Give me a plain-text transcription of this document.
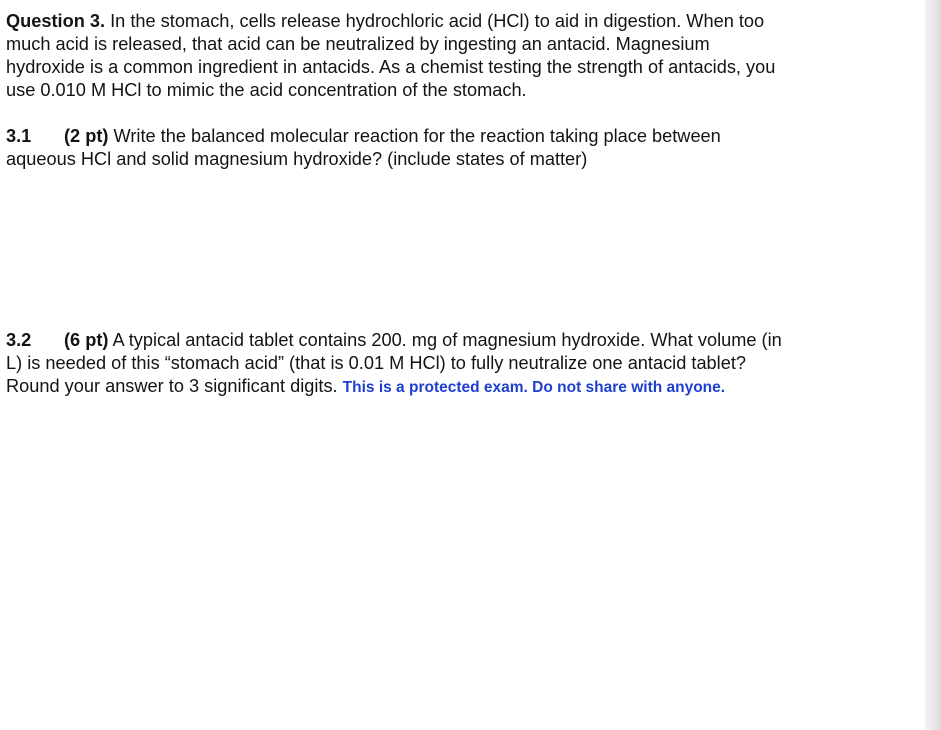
Question 3. In the stomach, cells release hydrochloric acid (HCl) to aid in digestion. When too
much acid is released, that acid can be neutralized by ingesting an antacid. Magnesium
hydroxide is a common ingredient in antacids. As a chemist testing the strength of antacids, you
use 0.010 M HCl to mimic the acid concentration of the stomach.

3.1 (2 pt) Write the balanced molecular reaction for the reaction taking place between
aqueous HCl and solid magnesium hydroxide? (include states of matter)

3.2 (6 pt) A typical antacid tablet contains 200. mg of magnesium hydroxide. What volume (in
L) is needed of this “stomach acid” (that is 0.01 M HCl) to fully neutralize one antacid tablet?
Round your answer to 3 significant digits. This is a protected exam. Do not share with anyone.
